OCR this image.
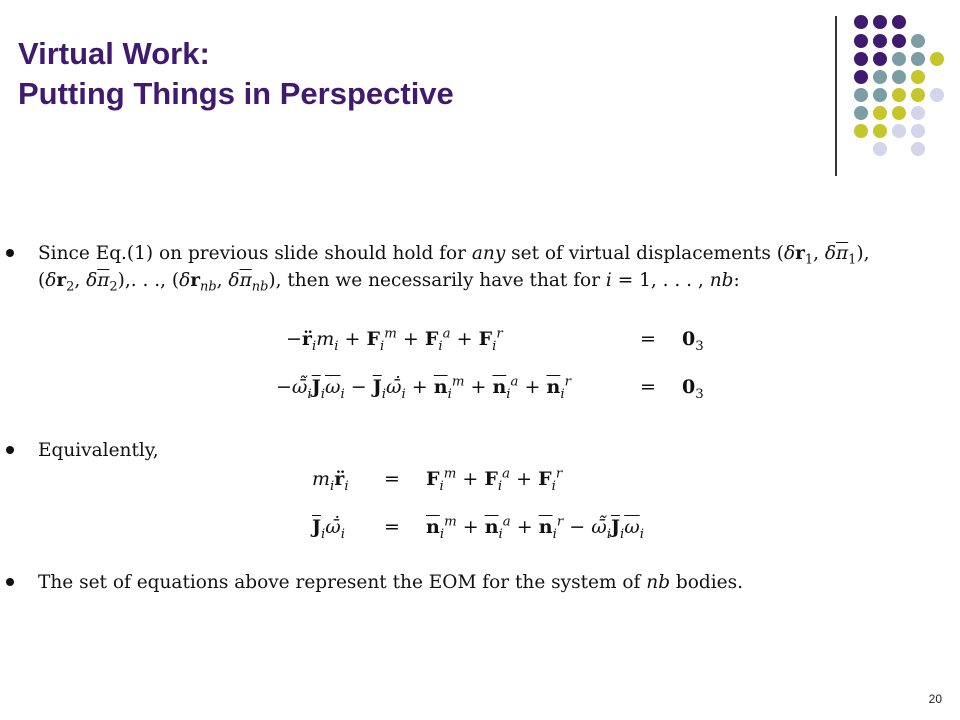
Virtual Work:
Putting Things in Perspective
Since Eq.(1) on previous slide should hold for any set of virtual displacements ($\delta r_1$, $\delta\overline{\pi}_1$),
($\delta r_2$, $\delta\overline{\pi}_2$),. . ., ($\delta r_{nb}$, $\delta\overline{\pi}_{nb}$), then we necessarily have that for i = 1, . . . , nb:
$-r̈_im_i + F_i^m + F_i^a + F_i^r$	= $0_3$
$-\omegā̃_i\overline{J}_i\overline{\omega}_i$ − $\overline{J}_i\omegā̇_i + \overline{n}_i^m + \overline{n}_i^a + \overline{n}_i^r$	= $0_3$
Equivalently,
$m_ir̈_i = F_i^m + F_i^a + F_i^r$
$\overline{J}_i\omegā̇_i = \overline{n}_i^m + \overline{n}_i^a + \overline{n}_i^r$ − $\omegā̃_i\overline{J}_i\overline{\omega}_i$
The set of equations above represent the EOM for the system of nb bodies.
20
